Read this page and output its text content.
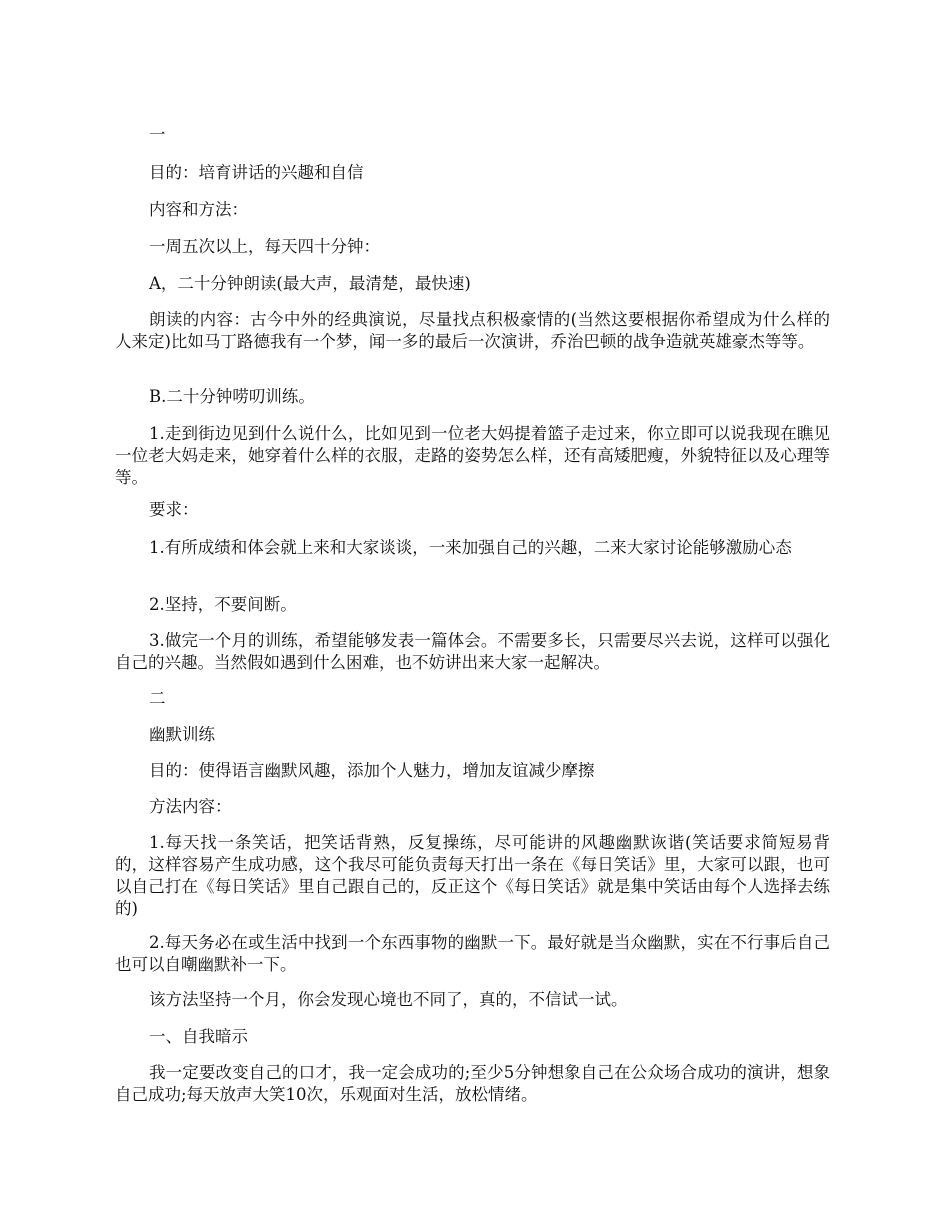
一

目的：培育讲话的兴趣和自信

内容和方法：

一周五次以上，每天四十分钟：

A，二十分钟朗读(最大声，最清楚，最快速)

朗读的内容：古今中外的经典演说，尽量找点积极豪情的(当然这要根据你希望成为什么样的人来定)比如马丁路德我有一个梦，闻一多的最后一次演讲，乔治巴顿的战争造就英雄豪杰等等。

B.二十分钟唠叨训练。

1.走到街边见到什么说什么，比如见到一位老大妈提着篮子走过来，你立即可以说我现在瞧见一位老大妈走来，她穿着什么样的衣服，走路的姿势怎么样，还有高矮肥瘦，外貌特征以及心理等等。

要求：

1.有所成绩和体会就上来和大家谈谈，一来加强自己的兴趣，二来大家讨论能够激励心态

2.坚持，不要间断。

3.做完一个月的训练，希望能够发表一篇体会。不需要多长，只需要尽兴去说，这样可以强化自己的兴趣。当然假如遇到什么困难，也不妨讲出来大家一起解决。

二

幽默训练

目的：使得语言幽默风趣，添加个人魅力，增加友谊减少摩擦

方法内容：

1.每天找一条笑话，把笑话背熟，反复操练，尽可能讲的风趣幽默诙谐(笑话要求简短易背的，这样容易产生成功感，这个我尽可能负责每天打出一条在《每日笑话》里，大家可以跟，也可以自己打在《每日笑话》里自己跟自己的，反正这个《每日笑话》就是集中笑话由每个人选择去练的)

2.每天务必在或生活中找到一个东西事物的幽默一下。最好就是当众幽默，实在不行事后自己也可以自嘲幽默补一下。

该方法坚持一个月，你会发现心境也不同了，真的，不信试一试。

一、自我暗示

我一定要改变自己的口才，我一定会成功的;至少5分钟想象自己在公众场合成功的演讲，想象自己成功;每天放声大笑10次，乐观面对生活，放松情绪。
